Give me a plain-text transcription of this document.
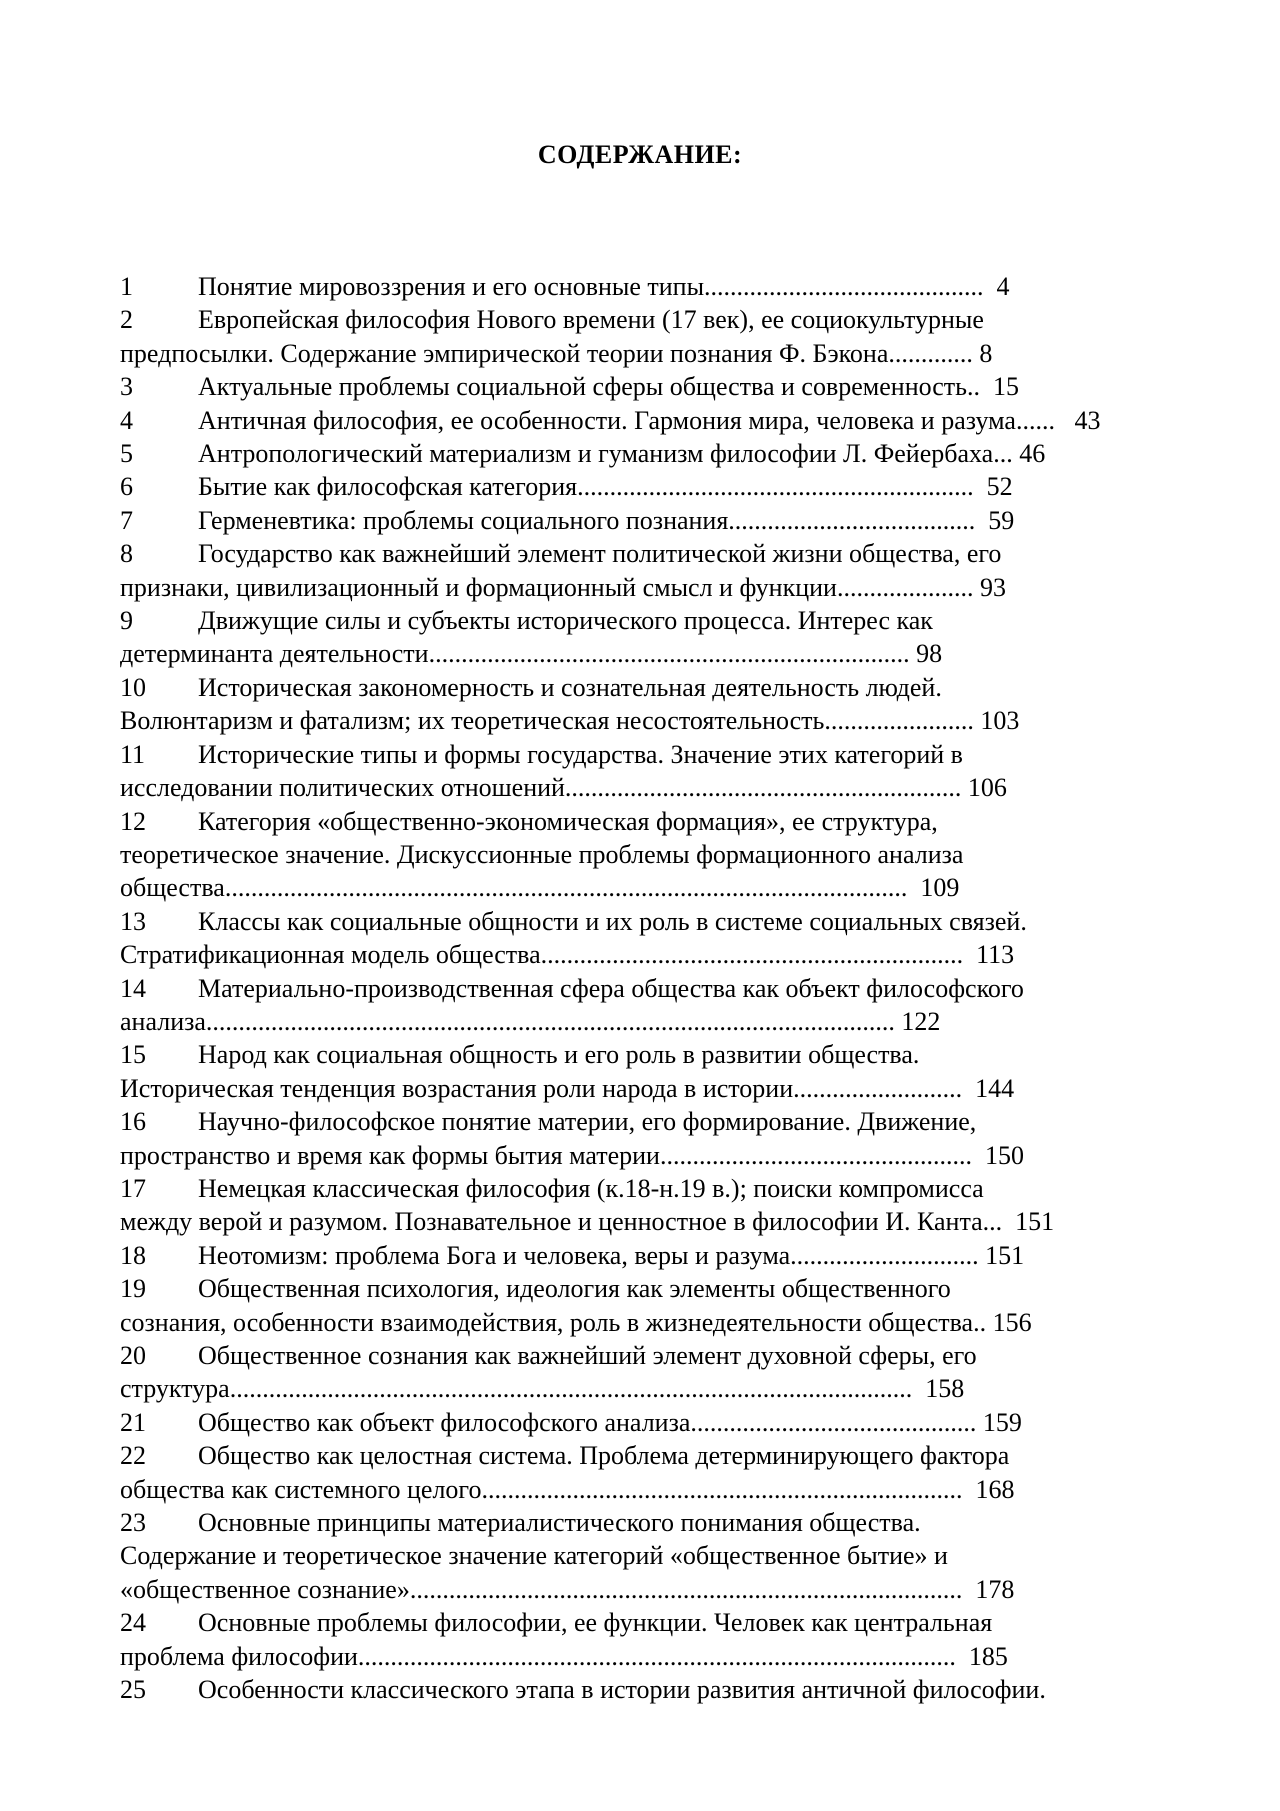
СОДЕРЖАНИЕ:
1	Понятие мировоззрения и его основные типы...........................................  4
2	Европейская философия Нового времени (17 век), ее социокультурные
предпосылки. Содержание эмпирической теории познания Ф. Бэкона............. 8
3	Актуальные проблемы социальной сферы общества и современность..  15
4	Античная философия, ее особенности. Гармония мира, человека и разума......   43
5	Антропологический материализм и гуманизм философии Л. Фейербаха... 46
6	Бытие как философская категория.............................................................  52
7	Герменевтика: проблемы социального познания......................................  59
8	Государство как важнейший элемент политической жизни общества, его
признаки, цивилизационный и формационный смысл и функции..................... 93
9	Движущие силы и субъекты исторического процесса. Интерес как
детерминанта деятельности.......................................................................... 98
10 Историческая закономерность и сознательная деятельность людей.
Волюнтаризм и фатализм; их теоретическая несостоятельность....................... 103
11 Исторические типы и формы государства. Значение этих категорий в
исследовании политических отношений............................................................. 106
12 Категория «общественно-экономическая формация», ее структура,
теоретическое значение. Дискуссионные проблемы формационного анализа
общества.........................................................................................................  109
13 Классы как социальные общности и их роль в системе социальных связей.
Стратификационная модель общества.................................................................  113
14 Материально-производственная сфера общества как объект философского
анализа.......................................................................................................... 122
15 Народ как социальная общность и его роль в развитии общества.
Историческая тенденция возрастания роли народа в истории..........................  144
16 Научно-философское понятие материи, его формирование. Движение,
пространство и время как формы бытия материи................................................  150
17 Немецкая классическая философия (к.18-н.19 в.); поиски компромисса
между верой и разумом. Познавательное и ценностное в философии И. Канта...  151
18 Неотомизм: проблема Бога и человека, веры и разума............................. 151
19 Общественная психология, идеология как элементы общественного
сознания, особенности взаимодействия, роль в жизнедеятельности общества.. 156
20 Общественное сознания как важнейший элемент духовной сферы, его
структура.........................................................................................................  158
21 Общество как объект философского анализа............................................ 159
22 Общество как целостная система. Проблема детерминирующего фактора
общества как системного целого..........................................................................  168
23 Основные принципы материалистического понимания общества.
Содержание и теоретическое значение категорий «общественное бытие» и
«общественное сознание».....................................................................................  178
24 Основные проблемы философии, ее функции. Человек как центральная
проблема философии............................................................................................  185
25 Особенности классического этапа в истории развития античной философии.
